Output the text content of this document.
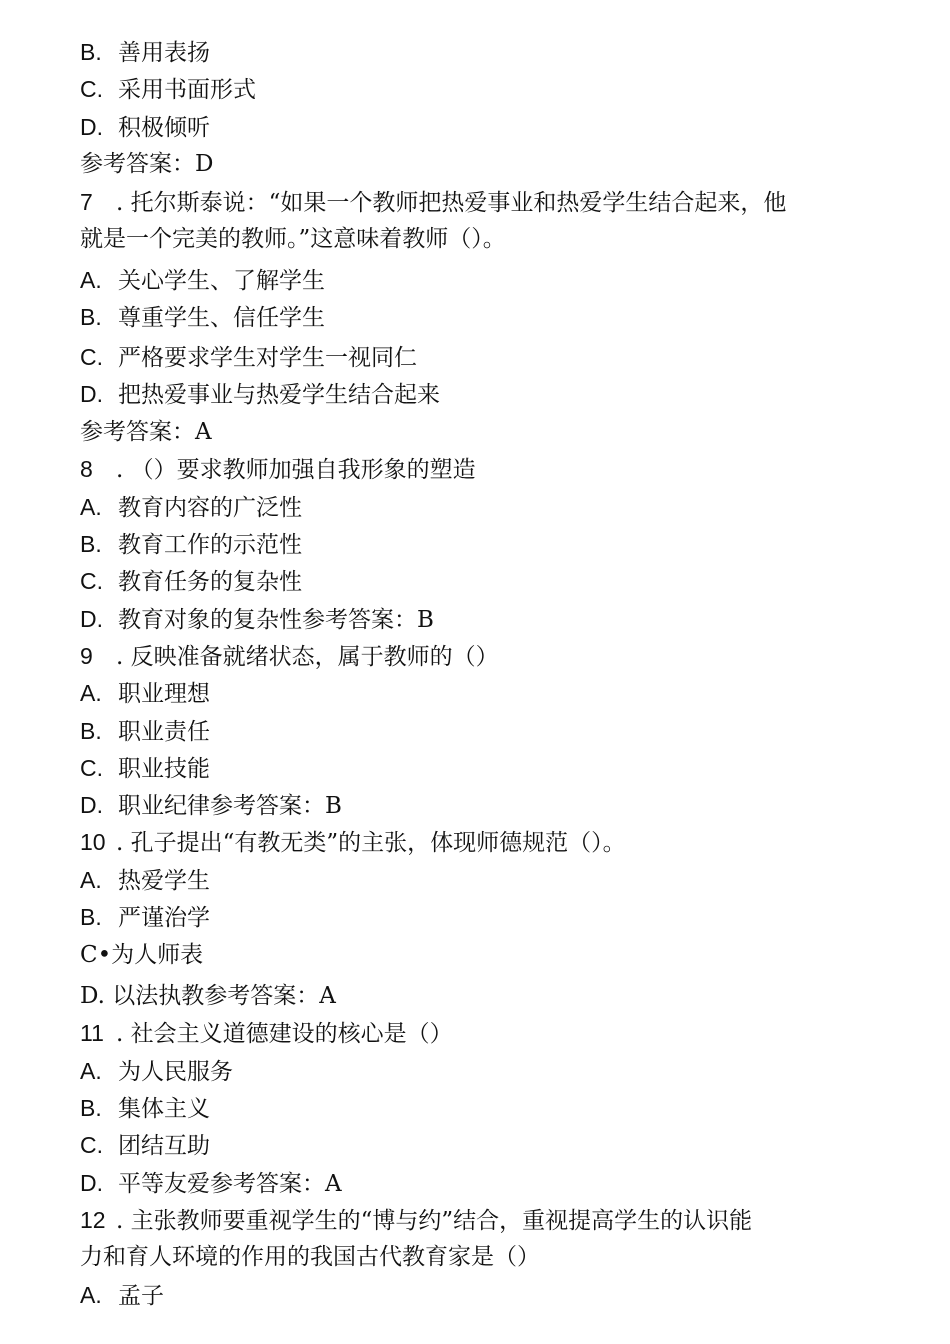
B. 善用表扬
C. 采用书面形式
D. 积极倾听
参考答案：D
7 . 托尔斯泰说：“如果一个教师把热爱事业和热爱学生结合起来，他
就是一个完美的教师。”这意味着教师（）。
A. 关心学生、了解学生
B. 尊重学生、信任学生
C. 严格要求学生对学生一视同仁
D. 把热爱事业与热爱学生结合起来
参考答案：A
8 . （）要求教师加强自我形象的塑造
A. 教育内容的广泛性
B. 教育工作的示范性
C. 教育任务的复杂性
D. 教育对象的复杂性参考答案：B
9 . 反映准备就绪状态，属于教师的（）
A. 职业理想
B. 职业责任
C. 职业技能
D. 职业纪律参考答案：B
10 . 孔子提出“有教无类”的主张，体现师德规范（）。
A. 热爱学生
B. 严谨治学
C•为人师表
D. 以法执教参考答案：A
11 . 社会主义道德建设的核心是（）
A. 为人民服务
B. 集体主义
C. 团结互助
D. 平等友爱参考答案：A
12 . 主张教师要重视学生的“博与约”结合，重视提高学生的认识能
力和育人环境的作用的我国古代教育家是（）
A. 孟子
